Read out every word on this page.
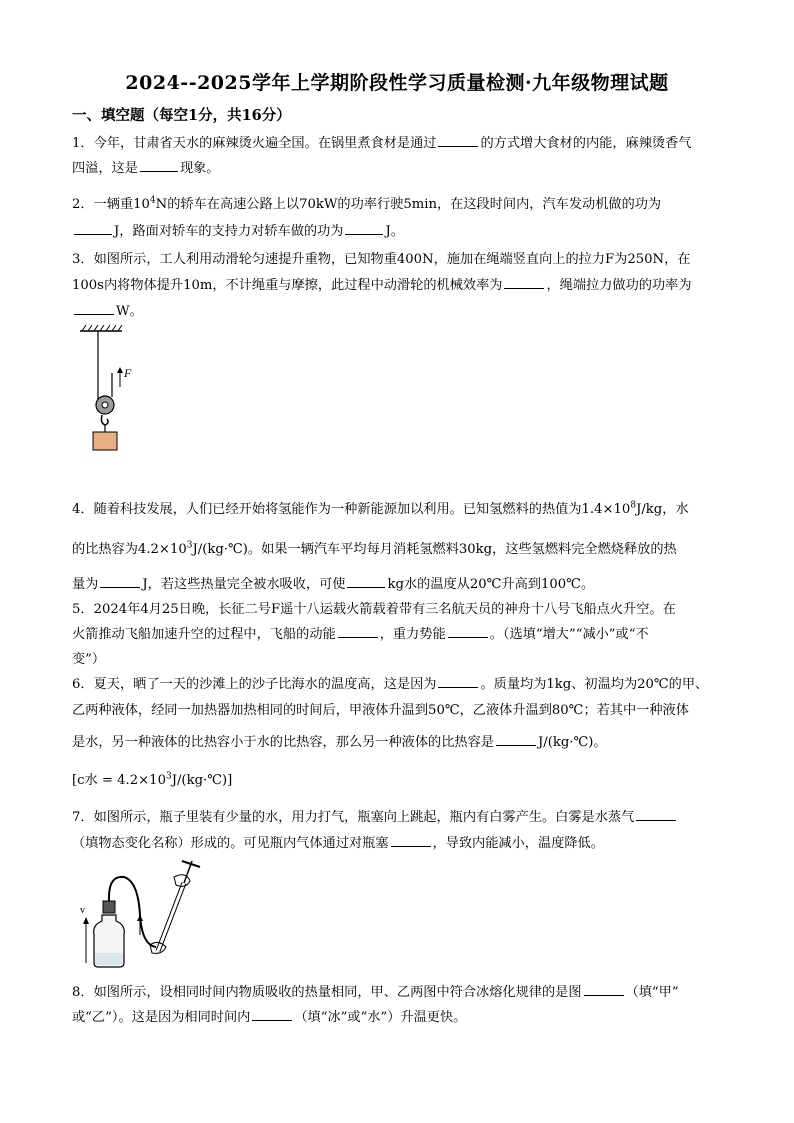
2024--2025学年上学期阶段性学习质量检测·九年级物理试题
一、填空题（每空1分，共16分）
1．今年，甘肃省天水的麻辣烫火遍全国。在锅里煮食材是通过	的方式增大食材的内能，麻辣烫香气
四溢，这是	现象。
2．一辆重$10^4N$的轿车在高速公路上以70kW的功率行驶5min，在这段时间内，汽车发动机做的功为
J，路面对轿车的支持力对轿车做的功为	J。
3．如图所示，工人利用动滑轮匀速提升重物，已知物重400N，施加在绳端竖直向上的拉力F为250N，在
100s内将物体提升10m，不计绳重与摩擦，此过程中动滑轮的机械效率为	，绳端拉力做功的功率为
W。
F
4．随着科技发展，人们已经开始将氢能作为一种新能源加以利用。已知氢燃料的热值为$1.4\times 10^8J/kg$，水
的比热容为$4.2\times 10^3J/(kg\cdot℃)$。如果一辆汽车平均每月消耗氢燃料30kg，这些氢燃料完全燃烧释放的热
量为	J，若这些热量完全被水吸收，可使	kg水的温度从20℃升高到100℃。
5．2024年4月25日晚，长征二号F遥十八运载火箭载着带有三名航天员的神舟十八号飞船点火升空。在
火箭推动飞船加速升空的过程中，飞船的动能	，重力势能	。（选填“增大”“减小”或“不
变”）
6．夏天，晒了一天的沙滩上的沙子比海水的温度高，这是因为	。质量均为1kg、初温均为20℃的甲、
乙两种液体，经同一加热器加热相同的时间后，甲液体升温到50℃，乙液体升温到80℃；若其中一种液体
是水，另一种液体的比热容小于水的比热容，那么另一种液体的比热容是	J/(kg·℃)。
[c水 = $4.2\times 10^3J/(kg\cdot℃)$]
7．如图所示，瓶子里装有少量的水，用力打气，瓶塞向上跳起，瓶内有白雾产生。白雾是水蒸气
（填物态变化名称）形成的。可见瓶内气体通过对瓶塞	，导致内能减小，温度降低。
v
8．如图所示，设相同时间内物质吸收的热量相同，甲、乙两图中符合冰熔化规律的是图	（填“甲”
或“乙”）。这是因为相同时间内	（填“冰”或“水”）升温更快。
